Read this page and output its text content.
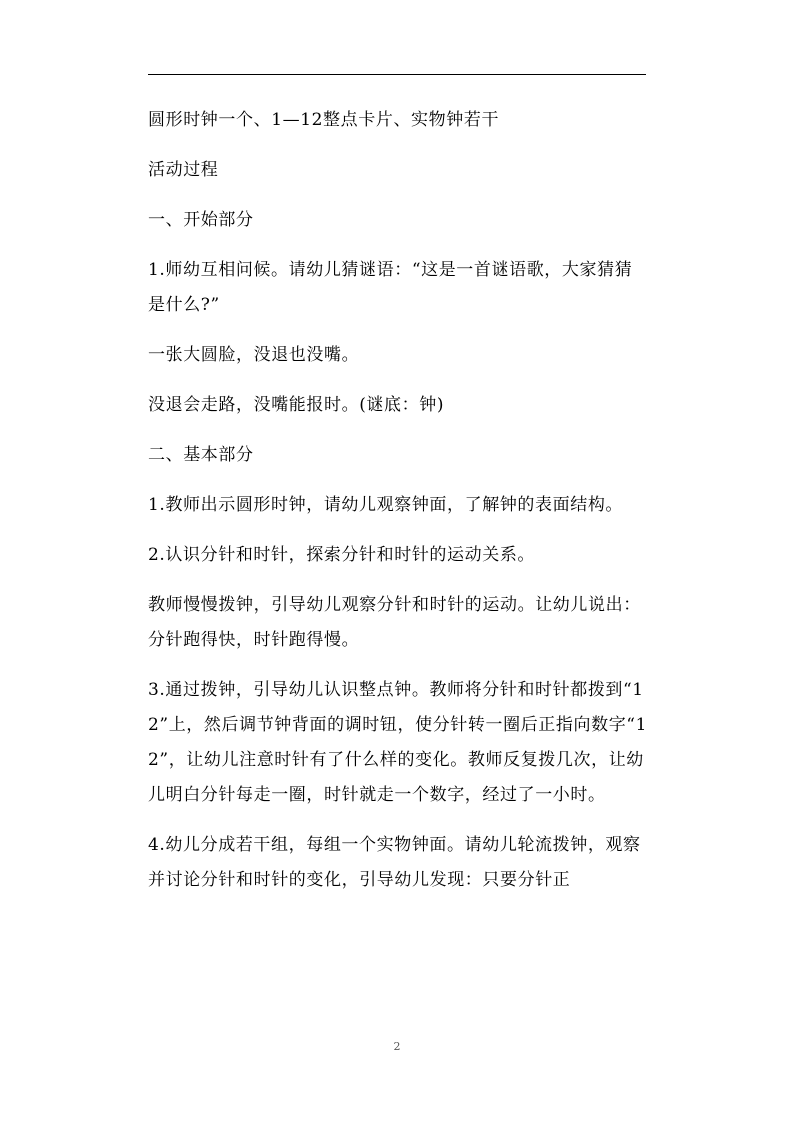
圆形时钟一个、1—12整点卡片、实物钟若干

活动过程

一、开始部分

1.师幼互相问候。请幼儿猜谜语：“这是一首谜语歌，大家猜猜是什么?”

一张大圆脸，没退也没嘴。

没退会走路，没嘴能报时。(谜底：钟)

二、基本部分

1.教师出示圆形时钟，请幼儿观察钟面，了解钟的表面结构。

2.认识分针和时针，探索分针和时针的运动关系。

教师慢慢拨钟，引导幼儿观察分针和时针的运动。让幼儿说出：分针跑得快，时针跑得慢。

3.通过拨钟，引导幼儿认识整点钟。教师将分针和时针都拨到“12”上，然后调节钟背面的调时钮，使分针转一圈后正指向数字“12”，让幼儿注意时针有了什么样的变化。教师反复拨几次，让幼儿明白分针每走一圈，时针就走一个数字，经过了一小时。

4.幼儿分成若干组，每组一个实物钟面。请幼儿轮流拨钟，观察并讨论分针和时针的变化，引导幼儿发现：只要分针正

2
